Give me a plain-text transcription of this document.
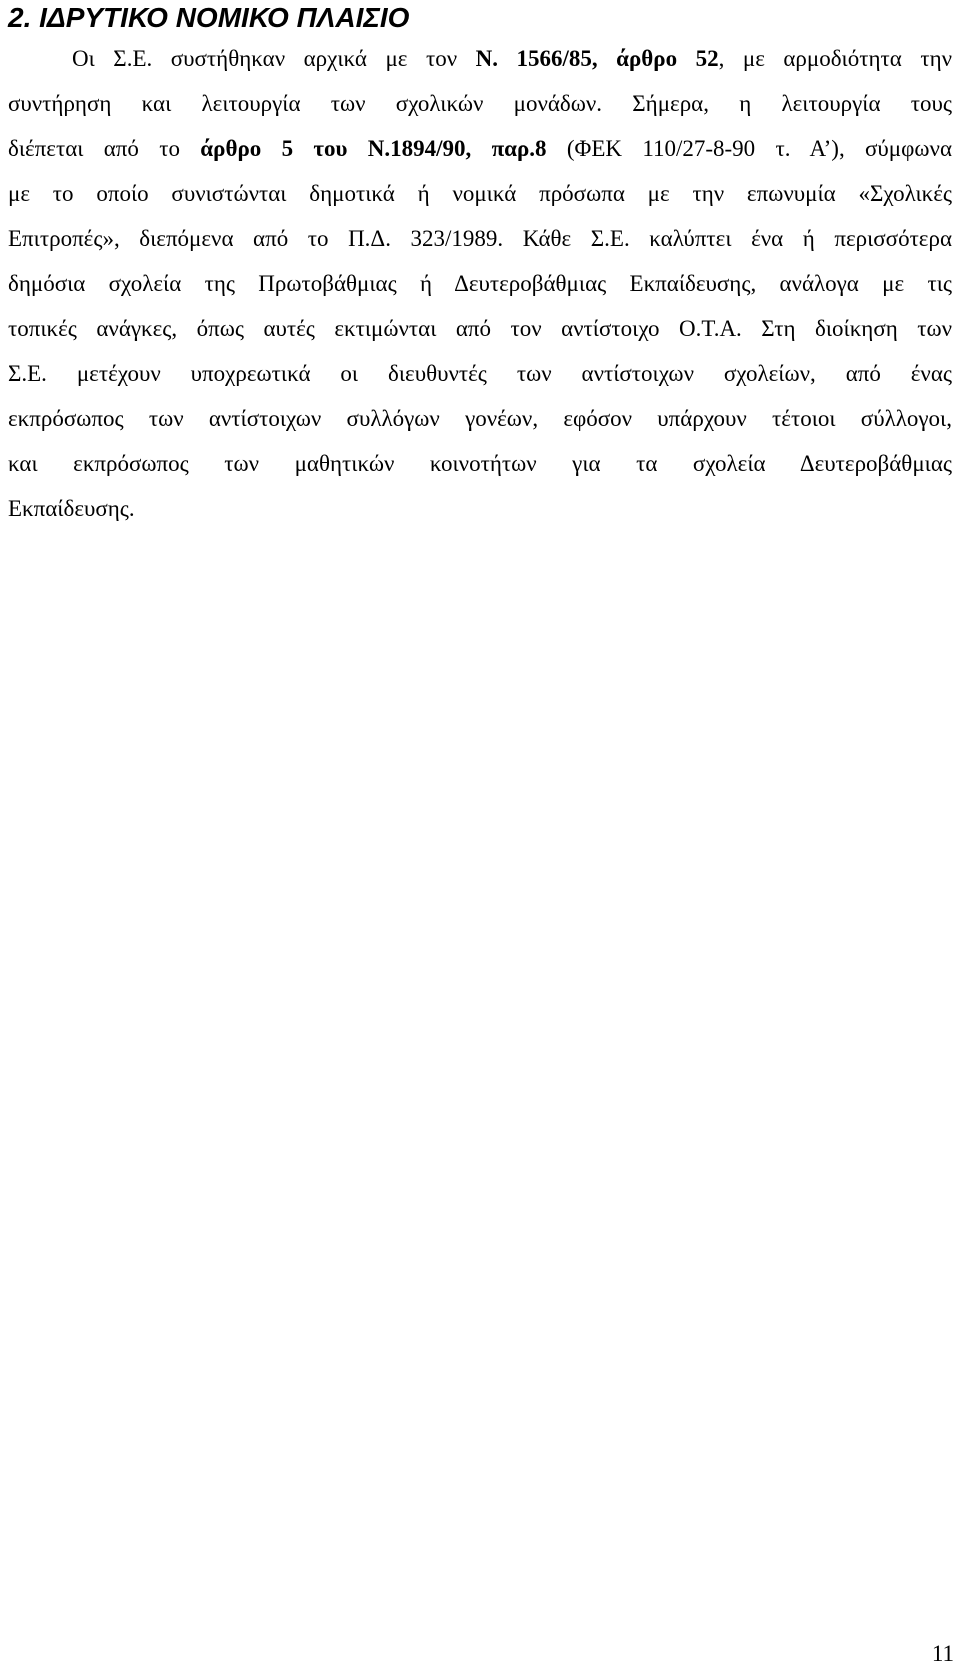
2. ΙΔΡΥΤΙΚΟ ΝΟΜΙΚΟ ΠΛΑΙΣΙΟ
Οι Σ.Ε. συστήθηκαν αρχικά με τον Ν. 1566/85, άρθρο 52, με αρμοδιότητα την
συντήρηση και λειτουργία των σχολικών μονάδων. Σήμερα, η λειτουργία τους
διέπεται από το άρθρο 5 του Ν.1894/90, παρ.8 (ΦΕΚ 110/27-8-90 τ. Α’), σύμφωνα
με το οποίο συνιστώνται δημοτικά ή νομικά πρόσωπα με την επωνυμία «Σχολικές
Επιτροπές», διεπόμενα από το Π.Δ. 323/1989. Κάθε Σ.Ε. καλύπτει ένα ή περισσότερα
δημόσια σχολεία της Πρωτοβάθμιας ή Δευτεροβάθμιας Εκπαίδευσης, ανάλογα με τις
τοπικές ανάγκες, όπως αυτές εκτιμώνται από τον αντίστοιχο Ο.Τ.Α. Στη διοίκηση των
Σ.Ε. μετέχουν υποχρεωτικά οι διευθυντές των αντίστοιχων σχολείων, από ένας
εκπρόσωπος των αντίστοιχων συλλόγων γονέων, εφόσον υπάρχουν τέτοιοι σύλλογοι,
και εκπρόσωπος των μαθητικών κοινοτήτων για τα σχολεία Δευτεροβάθμιας
Εκπαίδευσης.
11
